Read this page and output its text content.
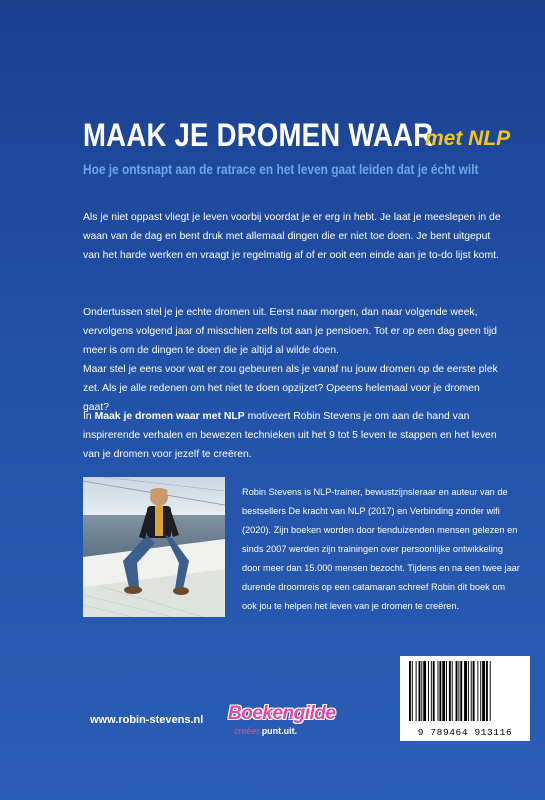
MAAK JE DROMEN WAAR
met NLP

Hoe je ontsnapt aan de ratrace en het leven gaat leiden dat je écht wilt

Als je niet oppast vliegt je leven voorbij voordat je er erg in hebt. Je laat je meeslepen in de waan van de dag en bent druk met allemaal dingen die er niet toe doen. Je bent uitgeput van het harde werken en vraagt je regelmatig af of er ooit een einde aan je to-do lijst komt.

Ondertussen stel je je echte dromen uit. Eerst naar morgen, dan naar volgende week, vervolgens volgend jaar of misschien zelfs tot aan je pensioen. Tot er op een dag geen tijd meer is om de dingen te doen die je altijd al wilde doen.

Maar stel je eens voor wat er zou gebeuren als je vanaf nu jouw dromen op de eerste plek zet. Als je alle redenen om het niet te doen opzijzet? Opeens helemaal voor je dromen gaat?

In Maak je dromen waar met NLP motiveert Robin Stevens je om aan de hand van inspirerende verhalen en bewezen technieken uit het 9 tot 5 leven te stappen en het leven van je dromen voor jezelf te creëren.

Robin Stevens is NLP-trainer, bewustzijnsleraar en auteur van de bestsellers De kracht van NLP (2017) en Verbinding zonder wifi (2020). Zijn boeken worden door tienduizenden mensen gelezen en sinds 2007 werden zijn trainingen over persoonlijke ontwikkeling door meer dan 15.000 mensen bezocht. Tijdens en na een twee jaar durende droomreis op een catamaran schreef Robin dit boek om ook jou te helpen het leven van je dromen te creëren.

www.robin-stevens.nl Boekengilde
creëer.punt.uit.	9 789464 913116
